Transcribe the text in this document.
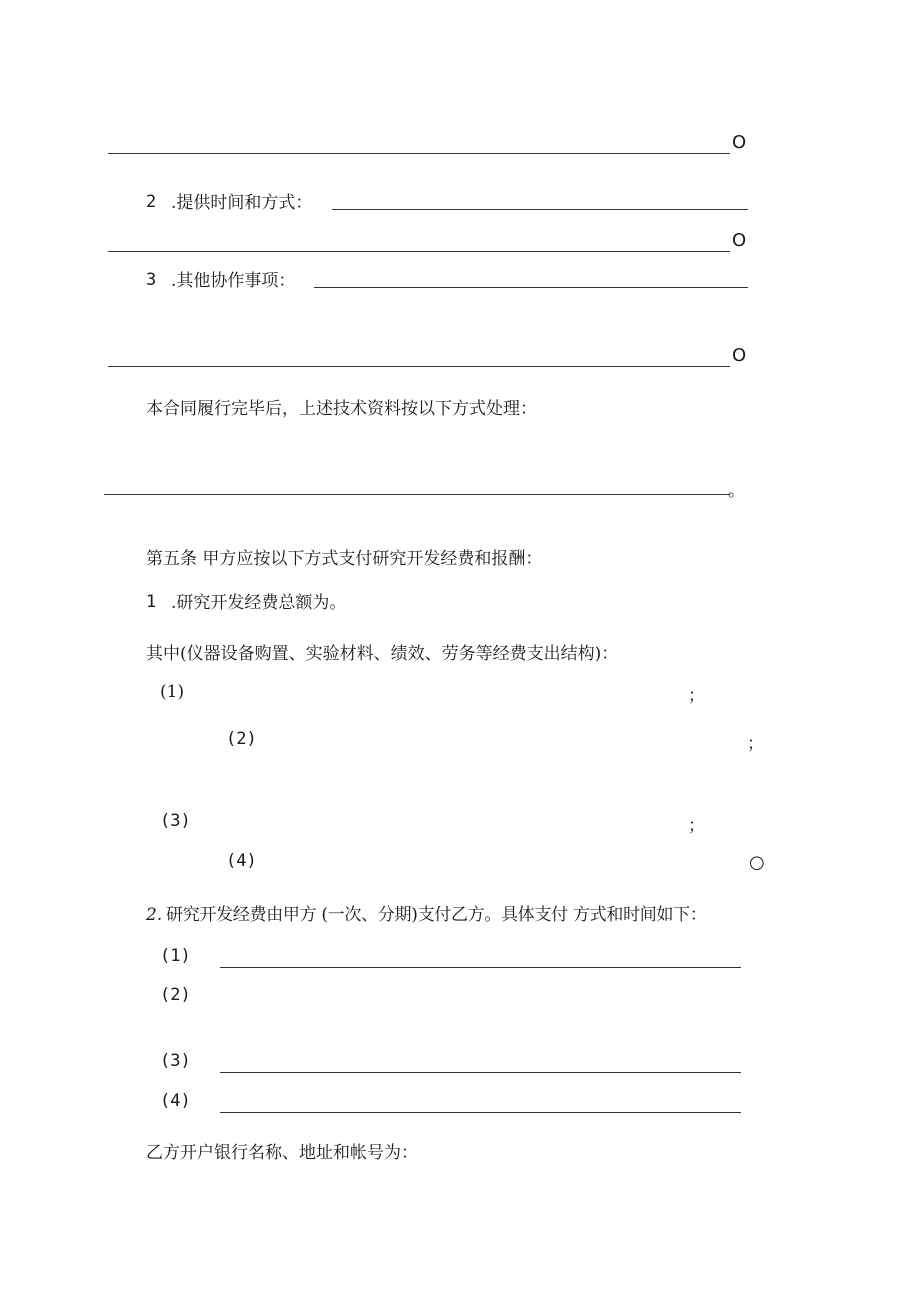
O
2 .提供时间和方式：
O
3 .其他协作事项：
O
本合同履行完毕后，上述技术资料按以下方式处理：
。
第五条 甲方应按以下方式支付研究开发经费和报酬：
1 .研究开发经费总额为。
其中(仪器设备购置、实验材料、绩效、劳务等经费支出结构)：
(1)	；
(2)	；
(3)	；
(4)	○
2. 研究开发经费由甲方 (一次、分期)支付乙方。具体支付 方式和时间如下：
(1)
(2)
(3)
(4)
乙方开户银行名称、地址和帐号为：
